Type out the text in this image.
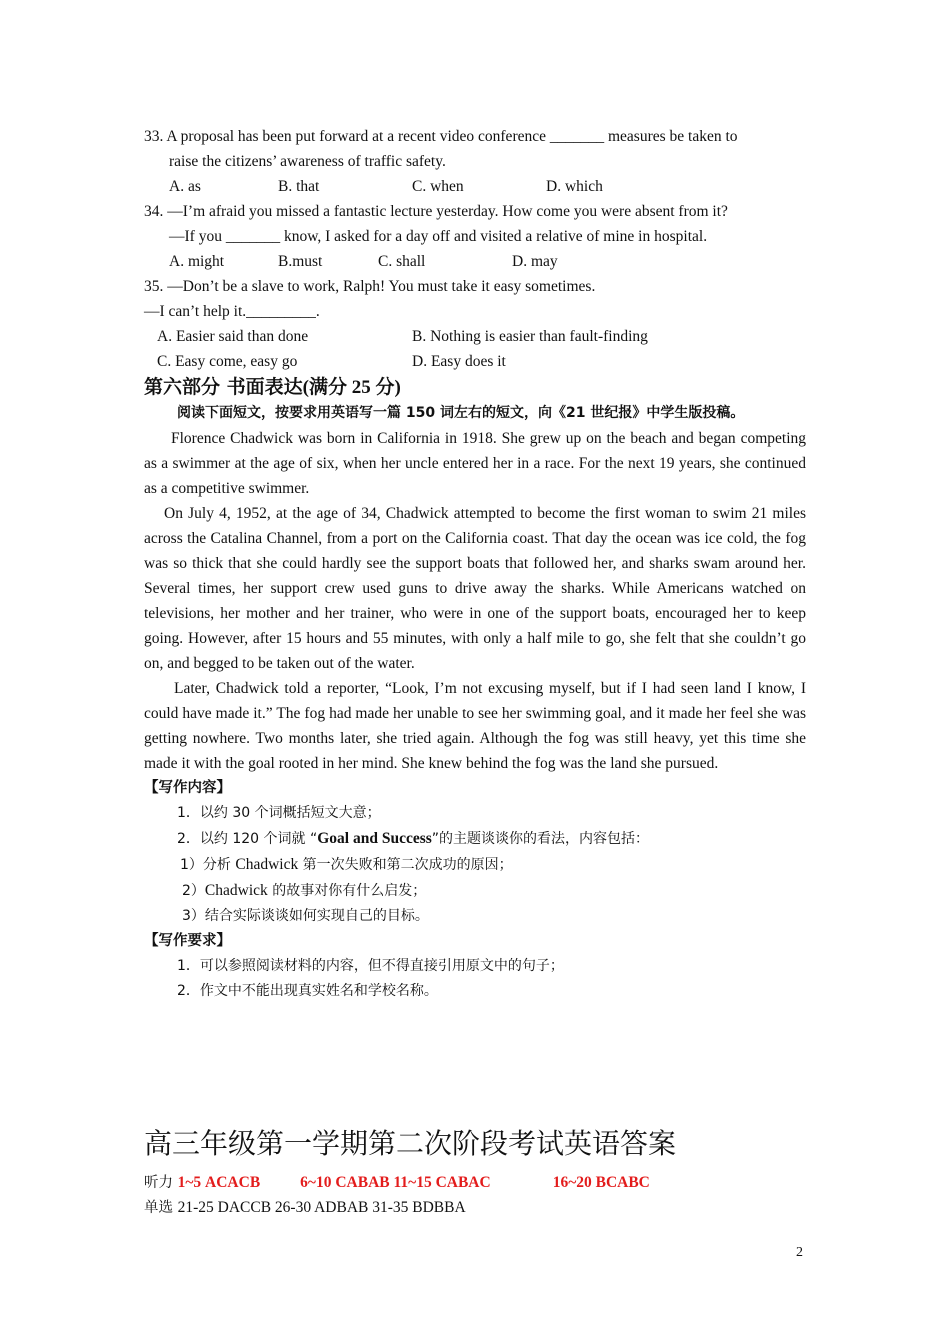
33. A proposal has been put forward at a recent video conference _______ measures be taken to
raise the citizens’ awareness of traffic safety.
A. as	B. that	C. when	D. which
34. —I’m afraid you missed a fantastic lecture yesterday. How come you were absent from it?
—If you _______ know, I asked for a day off and visited a relative of mine in hospital.
A. might	B.must	C. shall	D. may
35. —Don’t be a slave to work, Ralph! You must take it easy sometimes.
—I can’t help it._________.
A. Easier said than done	B. Nothing is easier than fault-finding
C. Easy come, easy go	D. Easy does it
第六部分 书面表达(满分 25 分)
阅读下面短文，按要求用英语写一篇 150 词左右的短文，向《21 世纪报》中学生版投稿。
Florence Chadwick was born in California in 1918. She grew up on the beach and began competing as a swimmer at the age of six, when her uncle entered her in a race. For the next 19 years, she continued as a competitive swimmer.
On July 4, 1952, at the age of 34, Chadwick attempted to become the first woman to swim 21 miles across the Catalina Channel, from a port on the California coast. That day the ocean was ice cold, the fog was so thick that she could hardly see the support boats that followed her, and sharks swam around her. Several times, her support crew used guns to drive away the sharks. While Americans watched on televisions, her mother and her trainer, who were in one of the support boats, encouraged her to keep going. However, after 15 hours and 55 minutes, with only a half mile to go, she felt that she couldn’t go on, and begged to be taken out of the water.
Later, Chadwick told a reporter, “Look, I’m not excusing myself, but if I had seen land I know, I could have made it.” The fog had made her unable to see her swimming goal, and it made her feel she was getting nowhere. Two months later, she tried again. Although the fog was still heavy, yet this time she made it with the goal rooted in her mind. She knew behind the fog was the land she pursued.
【写作内容】
1．以约 30 个词概括短文大意；
2．以约 120 个词就 “Goal and Success”的主题谈谈你的看法，内容包括：
1）分析 Chadwick 第一次失败和第二次成功的原因；
2）Chadwick 的故事对你有什么启发；
3）结合实际谈谈如何实现自己的目标。
【写作要求】
1．可以参照阅读材料的内容，但不得直接引用原文中的句子；
2．作文中不能出现真实姓名和学校名称。
高三年级第一学期第二次阶段考试英语答案
听力 1~5 ACACB	6~10 CABAB 11~15 CABAC	16~20 BCABC
单选 21-25 DACCB 26-30 ADBAB 31-35 BDBBA
2
